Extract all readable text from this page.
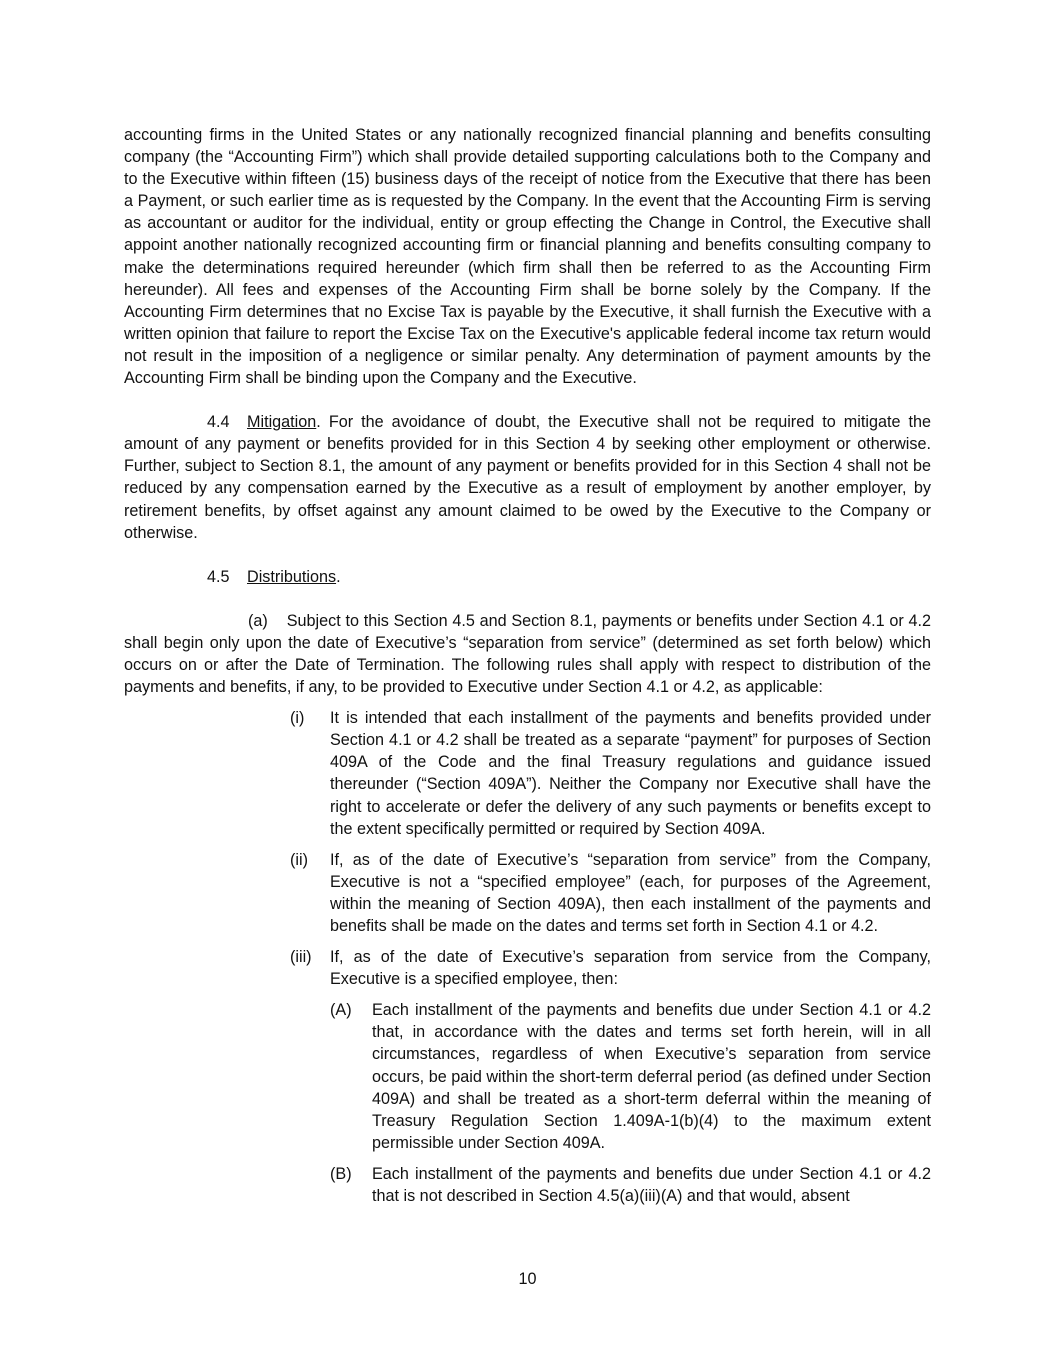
accounting firms in the United States or any nationally recognized financial planning and benefits consulting company (the “Accounting Firm”) which shall provide detailed supporting calculations both to the Company and to the Executive within fifteen (15) business days of the receipt of notice from the Executive that there has been a Payment, or such earlier time as is requested by the Company. In the event that the Accounting Firm is serving as accountant or auditor for the individual, entity or group effecting the Change in Control, the Executive shall appoint another nationally recognized accounting firm or financial planning and benefits consulting company to make the determinations required hereunder (which firm shall then be referred to as the Accounting Firm hereunder). All fees and expenses of the Accounting Firm shall be borne solely by the Company. If the Accounting Firm determines that no Excise Tax is payable by the Executive, it shall furnish the Executive with a written opinion that failure to report the Excise Tax on the Executive's applicable federal income tax return would not result in the imposition of a negligence or similar penalty. Any determination of payment amounts by the Accounting Firm shall be binding upon the Company and the Executive.

4.4 Mitigation. For the avoidance of doubt, the Executive shall not be required to mitigate the amount of any payment or benefits provided for in this Section 4 by seeking other employment or otherwise. Further, subject to Section 8.1, the amount of any payment or benefits provided for in this Section 4 shall not be reduced by any compensation earned by the Executive as a result of employment by another employer, by retirement benefits, by offset against any amount claimed to be owed by the Executive to the Company or otherwise.

4.5 Distributions.

(a) Subject to this Section 4.5 and Section 8.1, payments or benefits under Section 4.1 or 4.2 shall begin only upon the date of Executive’s “separation from service” (determined as set forth below) which occurs on or after the Date of Termination. The following rules shall apply with respect to distribution of the payments and benefits, if any, to be provided to Executive under Section 4.1 or 4.2, as applicable:

(i) It is intended that each installment of the payments and benefits provided under Section 4.1 or 4.2 shall be treated as a separate “payment” for purposes of Section 409A of the Code and the final Treasury regulations and guidance issued thereunder (“Section 409A”). Neither the Company nor Executive shall have the right to accelerate or defer the delivery of any such payments or benefits except to the extent specifically permitted or required by Section 409A.

(ii) If, as of the date of Executive’s “separation from service” from the Company, Executive is not a “specified employee” (each, for purposes of the Agreement, within the meaning of Section 409A), then each installment of the payments and benefits shall be made on the dates and terms set forth in Section 4.1 or 4.2.

(iii) If, as of the date of Executive’s separation from service from the Company, Executive is a specified employee, then:

(A) Each installment of the payments and benefits due under Section 4.1 or 4.2 that, in accordance with the dates and terms set forth herein, will in all circumstances, regardless of when Executive’s separation from service occurs, be paid within the short-term deferral period (as defined under Section 409A) and shall be treated as a short-term deferral within the meaning of Treasury Regulation Section 1.409A-1(b)(4) to the maximum extent permissible under Section 409A.

(B) Each installment of the payments and benefits due under Section 4.1 or 4.2 that is not described in Section 4.5(a)(iii)(A) and that would, absent

10
